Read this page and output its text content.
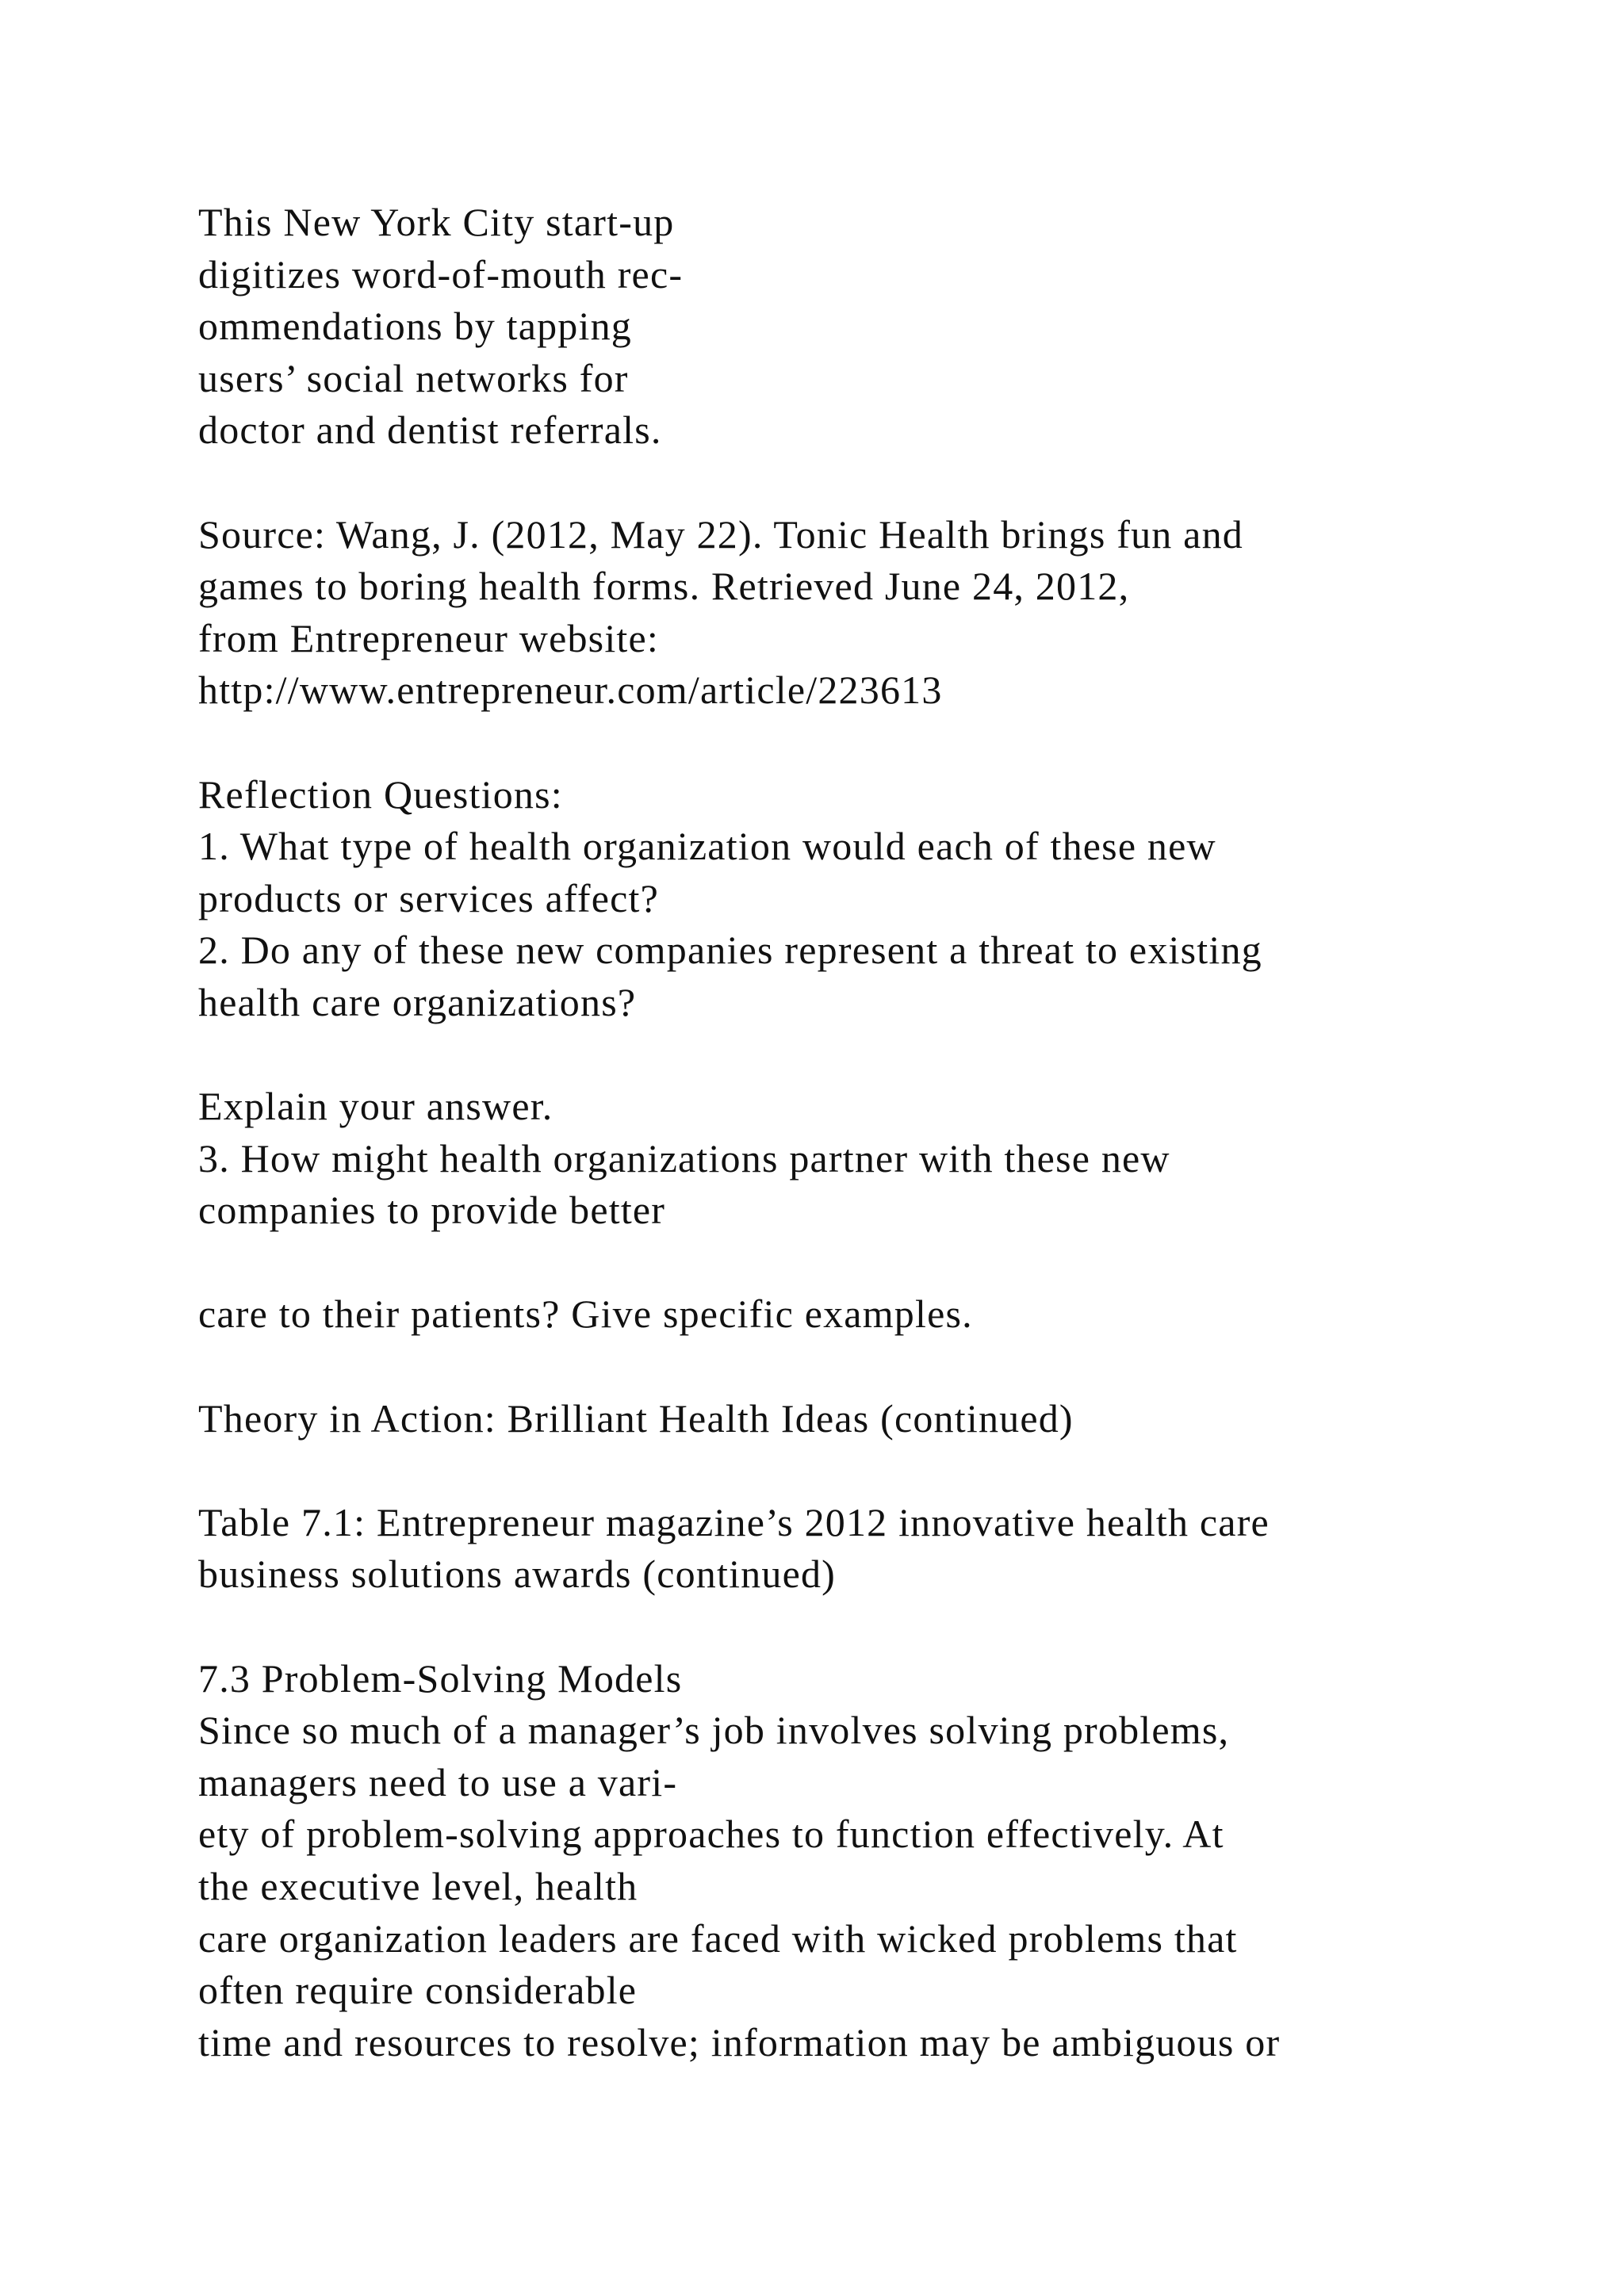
This New York City start-up
digitizes word-of-mouth rec-
ommendations by tapping
users’ social networks for
doctor and dentist referrals.
Source: Wang, J. (2012, May 22). Tonic Health brings fun and
games to boring health forms. Retrieved June 24, 2012,
from Entrepreneur website:
http://www.entrepreneur.com/article/223613
Reflection Questions:
1. What type of health organization would each of these new
products or services affect?
2. Do any of these new companies represent a threat to existing
health care organizations?
Explain your answer.
3. How might health organizations partner with these new
companies to provide better
care to their patients? Give specific examples.
Theory in Action: Brilliant Health Ideas (continued)
Table 7.1: Entrepreneur magazine’s 2012 innovative health care
business solutions awards (continued)
7.3 Problem-Solving Models
Since so much of a manager’s job involves solving problems,
managers need to use a vari-
ety of problem-solving approaches to function effectively. At
the executive level, health
care organization leaders are faced with wicked problems that
often require considerable
time and resources to resolve; information may be ambiguous or
